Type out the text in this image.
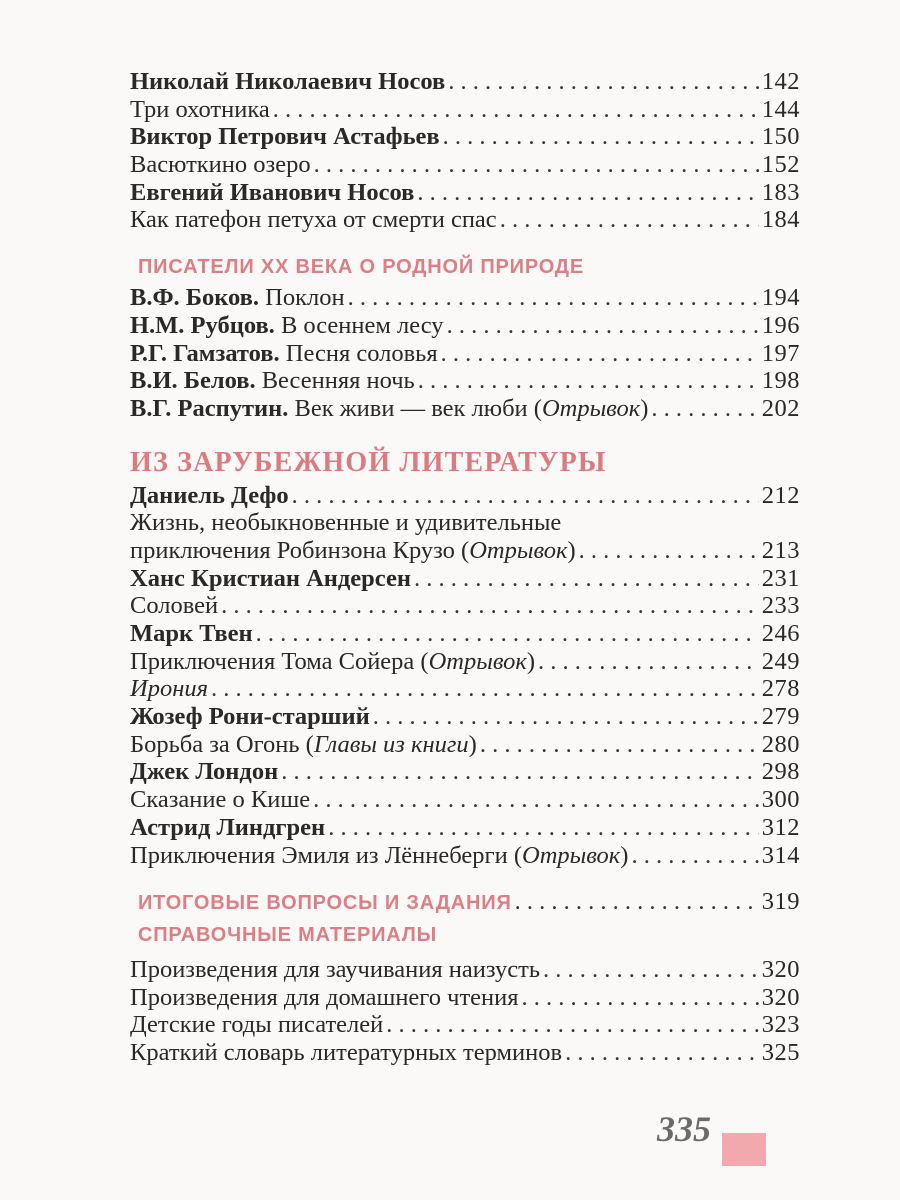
Николай Николаевич Носов . . .	142
Три охотника . . .	144
Виктор Петрович Астафьев . . .	150
Васюткино озеро . . .	152
Евгений Иванович Носов . . .	183
Как патефон петуха от смерти спас . . .	184
ПИСАТЕЛИ XX ВЕКА О РОДНОЙ ПРИРОДЕ
В.Ф. Боков. Поклон . . .	194
Н.М. Рубцов. В осеннем лесу . . .	196
Р.Г. Гамзатов. Песня соловья . . .	197
В.И. Белов. Весенняя ночь . . .	198
В.Г. Распутин. Век живи — век люби (Отрывок) . . .	202
ИЗ ЗАРУБЕЖНОЙ ЛИТЕРАТУРЫ
Даниель Дефо . . .	212
Жизнь, необыкновенные и удивительные
приключения Робинзона Крузо (Отрывок) . . .	213
Ханс Кристиан Андерсен . . .	231
Соловей . . .	233
Марк Твен . . .	246
Приключения Тома Сойера (Отрывок) . . .	249
Ирония . . .	278
Жозеф Рони-старший . . .	279
Борьба за Огонь (Главы из книги) . . .	280
Джек Лондон . . .	298
Сказание о Кише . . .	300
Астрид Линдгрен . . .	312
Приключения Эмиля из Лённеберги (Отрывок) . . .	314
ИТОГОВЫЕ ВОПРОСЫ И ЗАДАНИЯ . . .	319
СПРАВОЧНЫЕ МАТЕРИАЛЫ
Произведения для заучивания наизусть . . .	320
Произведения для домашнего чтения . . .	320
Детские годы писателей . . .	323
Краткий словарь литературных терминов . . .	325
335
